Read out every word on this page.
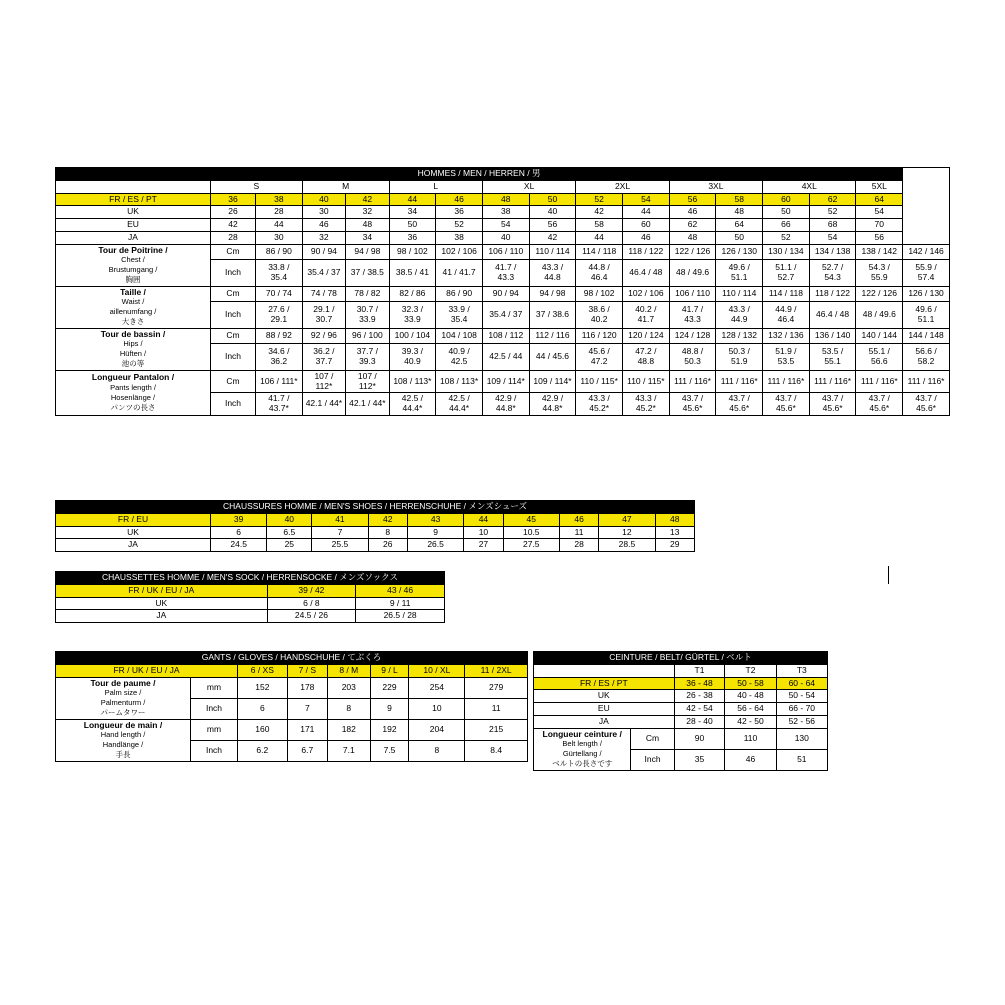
HOMMES / MEN / HERREN / 男																
	S		M		L		XL		2XL		3XL		4XL		5XL	
FR / ES / PT	36	38	40	42	44	46	48	50	52	54	56	58	60	62	64	
UK	26	28	30	32	34	36	38	40	42	44	46	48	50	52	54	
EU	42	44	46	48	50	52	54	56	58	60	62	64	66	68	70	
JA	28	30	32	34	36	38	40	42	44	46	48	50	52	54	56	
Tour de Poitrine /
Chest /
Brustumgang /
胸囲	Cm	86 / 90	90 / 94	94 / 98	98 / 102	102 / 106	106 / 110	110 / 114	114 / 118	118 / 122	122 / 126	126 / 130	130 / 134	134 / 138	138 / 142	142 / 146
	Inch	33.8 / 35.4	35.4 / 37	37 / 38.5	38.5 / 41	41 / 41.7	41.7 / 43.3	43.3 / 44.8	44.8 / 46.4	46.4 / 48	48 / 49.6	49.6 / 51.1	51.1 / 52.7	52.7 / 54.3	54.3 / 55.9	55.9 / 57.4
Taille /
Waist /
aillenumfang /
大きさ	Cm	70 / 74	74 / 78	78 / 82	82 / 86	86 / 90	90 / 94	94 / 98	98 / 102	102 / 106	106 / 110	110 / 114	114 / 118	118 / 122	122 / 126	126 / 130
	Inch	27.6 / 29.1	29.1 / 30.7	30.7 / 33.9	32.3 / 33.9	33.9 / 35.4	35.4 / 37	37 / 38.6	38.6 / 40.2	40.2 / 41.7	41.7 / 43.3	43.3 / 44.9	44.9 / 46.4	46.4 / 48	48 / 49.6	49.6 / 51.1
Tour de bassin /
Hips /
Hüften /
池の等	Cm	88 / 92	92 / 96	96 / 100	100 / 104	104 / 108	108 / 112	112 / 116	116 / 120	120 / 124	124 / 128	128 / 132	132 / 136	136 / 140	140 / 144	144 / 148
	Inch	34.6 / 36.2	36.2 / 37.7	37.7 / 39.3	39.3 / 40.9	40.9 / 42.5	42.5 / 44	44 / 45.6	45.6 / 47.2	47.2 / 48.8	48.8 / 50.3	50.3 / 51.9	51.9 / 53.5	53.5 / 55.1	55.1 / 56.6	56.6 / 58.2
Longueur Pantalon /
Pants length /
Hosenlänge /
パンツの長さ	Cm	106 / 111*	107 / 112*	107 / 112*	108 / 113*	108 / 113*	109 / 114*	109 / 114*	110 / 115*	110 / 115*	111 / 116*	111 / 116*	111 / 116*	111 / 116*	111 / 116*	111 / 116*
	Inch	41.7 / 43.7*	42.1 / 44*	42.1 / 44*	42.5 / 44.4*	42.5 / 44.4*	42.9 / 44.8*	42.9 / 44.8*	43.3 / 45.2*	43.3 / 45.2*	43.7 / 45.6*	43.7 / 45.6*	43.7 / 45.6*	43.7 / 45.6*	43.7 / 45.6*	43.7 / 45.6*
CHAUSSURES HOMME / MEN'S SHOES / HERRENSCHUHE / メンズシューズ										
FR / EU	39	40	41	42	43	44	45	46	47	48
UK	6	6.5	7	8	9	10	10.5	11	12	13
JA	24.5	25	25.5	26	26.5	27	27.5	28	28.5	29
CHAUSSETTES HOMME / MEN'S SOCK / HERRENSOCKE / メンズソックス		
FR / UK / EU / JA	39 / 42	43 / 46
UK	6 / 8	9 / 11
JA	24.5 / 26	26.5 / 28
GANTS / GLOVES / HANDSCHUHE / てぶくろ							
FR / UK / EU / JA		6 / XS	7 / S	8 / M	9 / L	10 / XL	11 / 2XL
Tour de paume /
Palm size /
Palmenturm /
パームタワー	mm	152	178	203	229	254	279
	Inch	6	7	8	9	10	11
Longueur de main /
Hand length /
Handlänge /
手長	mm	160	171	182	192	204	215
	Inch	6.2	6.7	7.1	7.5	8	8.4
CEINTURE / BELT/ GÜRTEL / ベルト				
		T1	T2	T3
FR / ES / PT		36 - 48	50 - 58	60 - 64
UK		26 - 38	40 - 48	50 - 54
EU		42 - 54	56 - 64	66 - 70
JA		28 - 40	42 - 50	52 - 56
Longueur ceinture /
Belt length /
Gürtellang /
ベルトの長さです	Cm	90	110	130
	Inch	35	46	51
